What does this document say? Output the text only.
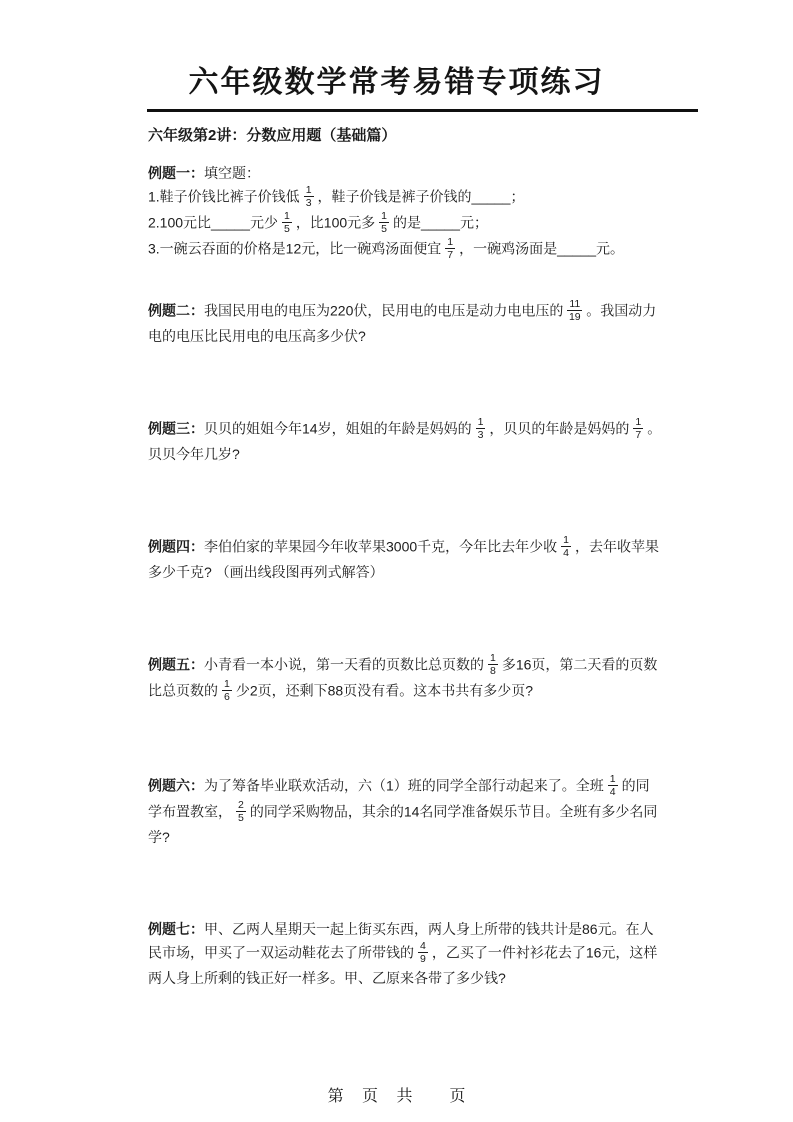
六年级数学常考易错专项练习
六年级第2讲：分数应用题（基础篇）
例题一：填空题：
1.鞋子价钱比裤子价钱低 $\frac{1}{3}$ ，鞋子价钱是裤子价钱的_____；
2.100元比_____元少 $\frac{1}{5}$ ，比100元多 $\frac{1}{5}$ 的是_____元；
3.一碗云吞面的价格是12元，比一碗鸡汤面便宜 $\frac{1}{7}$ ，一碗鸡汤面是_____元。
例题二：我国民用电的电压为220伏，民用电的电压是动力电电压的 $\frac{11}{19}$ 。我国动力电的电压比民用电的电压高多少伏?
例题三：贝贝的姐姐今年14岁，姐姐的年龄是妈妈的 $\frac{1}{3}$ ，贝贝的年龄是妈妈的 $\frac{1}{7}$ 。贝贝今年几岁?
例题四：李伯伯家的苹果园今年收苹果3000千克，今年比去年少收 $\frac{1}{4}$ ，去年收苹果多少千克? （画出线段图再列式解答）
例题五：小青看一本小说，第一天看的页数比总页数的 $\frac{1}{8}$ 多16页，第二天看的页数比总页数的 $\frac{1}{6}$ 少2页，还剩下88页没有看。这本书共有多少页?
例题六：为了筹备毕业联欢活动，六（1）班的同学全部行动起来了。全班 $\frac{1}{4}$ 的同学布置教室， $\frac{2}{5}$ 的同学采购物品，其余的14名同学准备娱乐节目。全班有多少名同学?
例题七：甲、乙两人星期天一起上街买东西，两人身上所带的钱共计是86元。在人民市场，甲买了一双运动鞋花去了所带钱的 $\frac{4}{9}$ ，乙买了一件衬衫花去了16元，这样两人身上所剩的钱正好一样多。甲、乙原来各带了多少钱?
第 页 共  页
